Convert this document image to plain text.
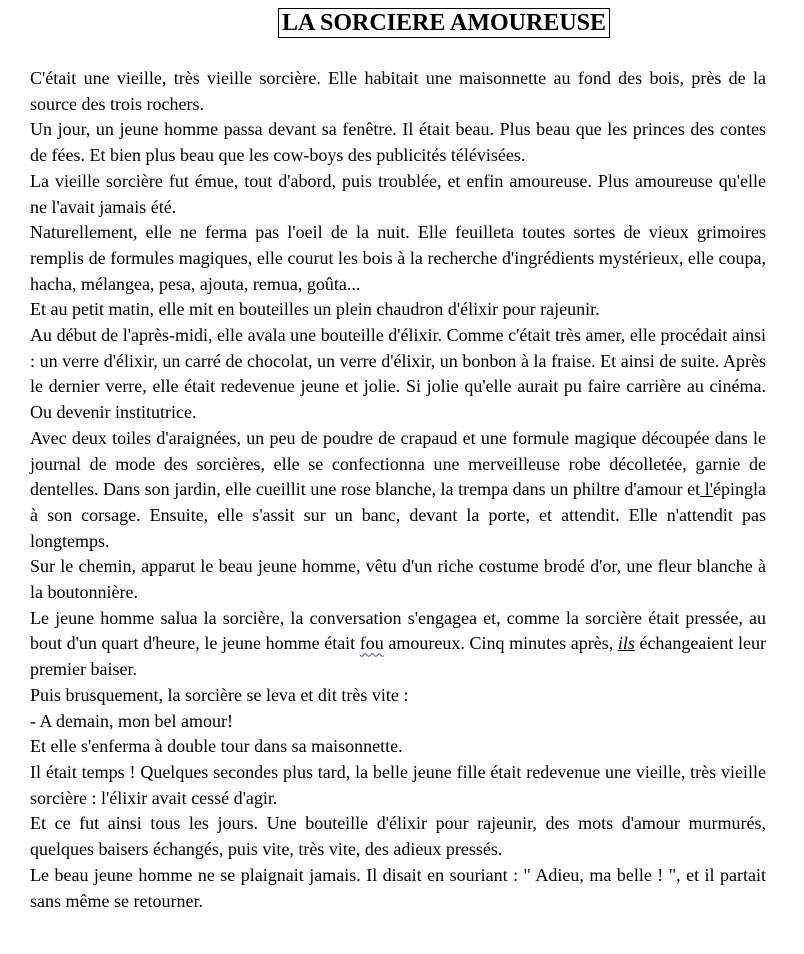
LA SORCIERE AMOUREUSE

C'était une vieille, très vieille sorcière. Elle habitait une maisonnette au fond des bois, près de la source des trois rochers.

Un jour, un jeune homme passa devant sa fenêtre. Il était beau. Plus beau que les princes des contes de fées. Et bien plus beau que les cow-boys des publicités télévisées.

La vieille sorcière fut émue, tout d'abord, puis troublée, et enfin amoureuse. Plus amoureuse qu'elle ne l'avait jamais été.

Naturellement, elle ne ferma pas l'oeil de la nuit. Elle feuilleta toutes sortes de vieux grimoires remplis de formules magiques, elle courut les bois à la recherche d'ingrédients mystérieux, elle coupa, hacha, mélangea, pesa, ajouta, remua, goûta...

Et au petit matin, elle mit en bouteilles un plein chaudron d'élixir pour rajeunir.

Au début de l'après-midi, elle avala une bouteille d'élixir. Comme c'était très amer, elle procédait ainsi : un verre d'élixir, un carré de chocolat, un verre d'élixir, un bonbon à la fraise. Et ainsi de suite. Après le dernier verre, elle était redevenue jeune et jolie. Si jolie qu'elle aurait pu faire carrière au cinéma. Ou devenir institutrice.

Avec deux toiles d'araignées, un peu de poudre de crapaud et une formule magique découpée dans le journal de mode des sorcières, elle se confectionna une merveilleuse robe décolletée, garnie de dentelles. Dans son jardin, elle cueillit une rose blanche, la trempa dans un philtre d'amour et l'épingla à son corsage. Ensuite, elle s'assit sur un banc, devant la porte, et attendit. Elle n'attendit pas longtemps.

Sur le chemin, apparut le beau jeune homme, vêtu d'un riche costume brodé d'or, une fleur blanche à la boutonnière.

Le jeune homme salua la sorcière, la conversation s'engagea et, comme la sorcière était pressée, au bout d'un quart d'heure, le jeune homme était fou amoureux. Cinq minutes après, ils échangeaient leur premier baiser.

Puis brusquement, la sorcière se leva et dit très vite :

- A demain, mon bel amour!

Et elle s'enferma à double tour dans sa maisonnette.

Il était temps ! Quelques secondes plus tard, la belle jeune fille était redevenue une vieille, très vieille sorcière : l'élixir avait cessé d'agir.

Et ce fut ainsi tous les jours. Une bouteille d'élixir pour rajeunir, des mots d'amour murmurés, quelques baisers échangés, puis vite, très vite, des adieux pressés.

Le beau jeune homme ne se plaignait jamais. Il disait en souriant : " Adieu, ma belle ! ", et il partait sans même se retourner.
